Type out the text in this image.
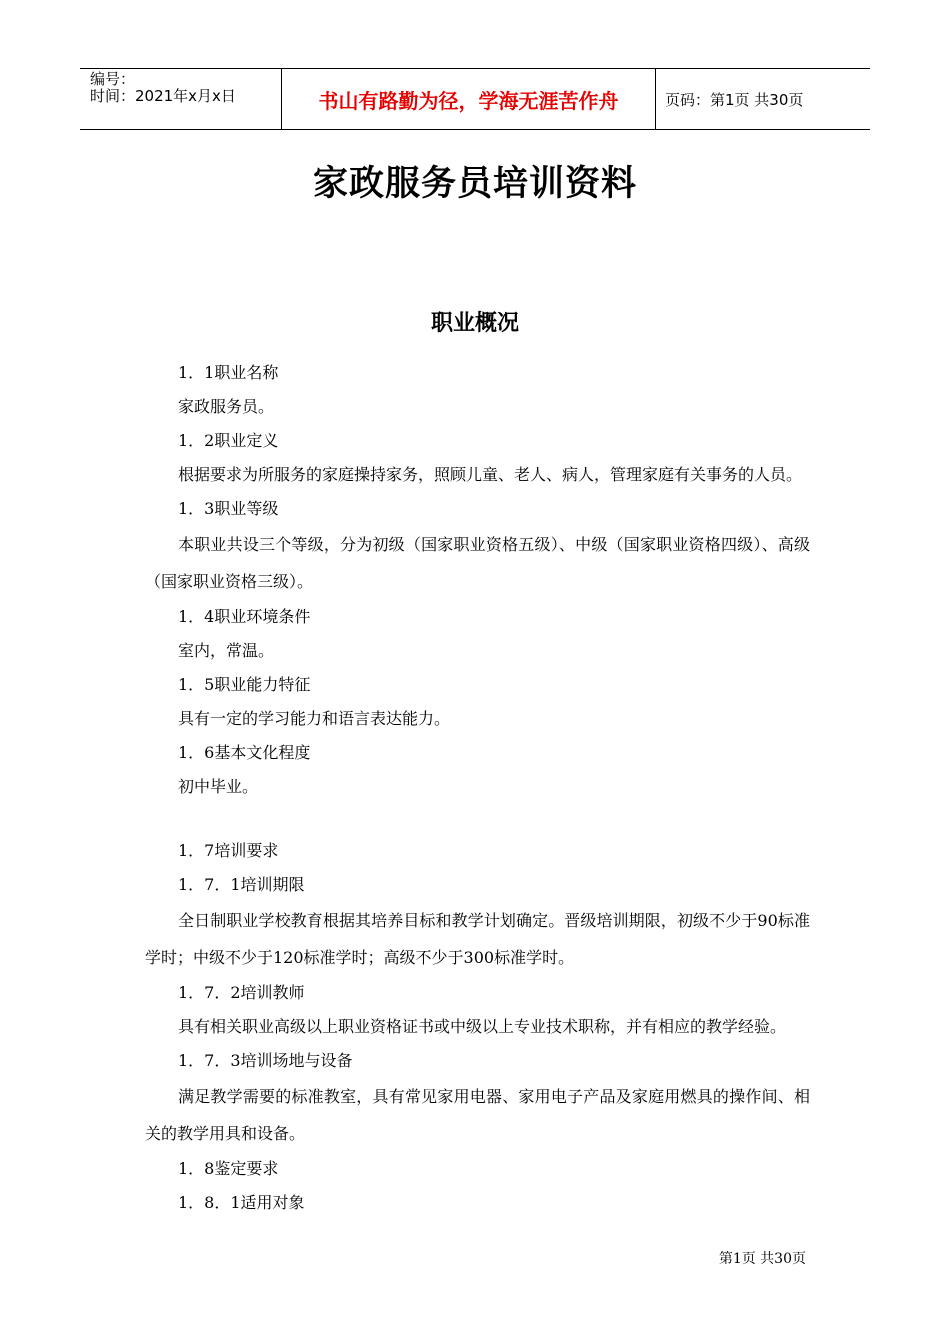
编号：
时间：2021年x月x日	书山有路勤为径，学海无涯苦作舟	页码：第1页 共30页
家政服务员培训资料
职业概况

1．1职业名称

家政服务员。

1．2职业定义

根据要求为所服务的家庭操持家务，照顾儿童、老人、病人，管理家庭有关事务的人员。

1．3职业等级

本职业共设三个等级，分为初级（国家职业资格五级）、中级（国家职业资格四级）、高级（国家职业资格三级）。

1．4职业环境条件

室内，常温。

1．5职业能力特征

具有一定的学习能力和语言表达能力。

1．6基本文化程度

初中毕业。

1．7培训要求

1．7．1培训期限

全日制职业学校教育根据其培养目标和教学计划确定。晋级培训期限，初级不少于90标准学时；中级不少于120标准学时；高级不少于300标准学时。

1．7．2培训教师

具有相关职业高级以上职业资格证书或中级以上专业技术职称，并有相应的教学经验。

1．7．3培训场地与设备

满足教学需要的标准教室，具有常见家用电器、家用电子产品及家庭用燃具的操作间、相关的教学用具和设备。

1．8鉴定要求

1．8．1适用对象

第1页 共30页
